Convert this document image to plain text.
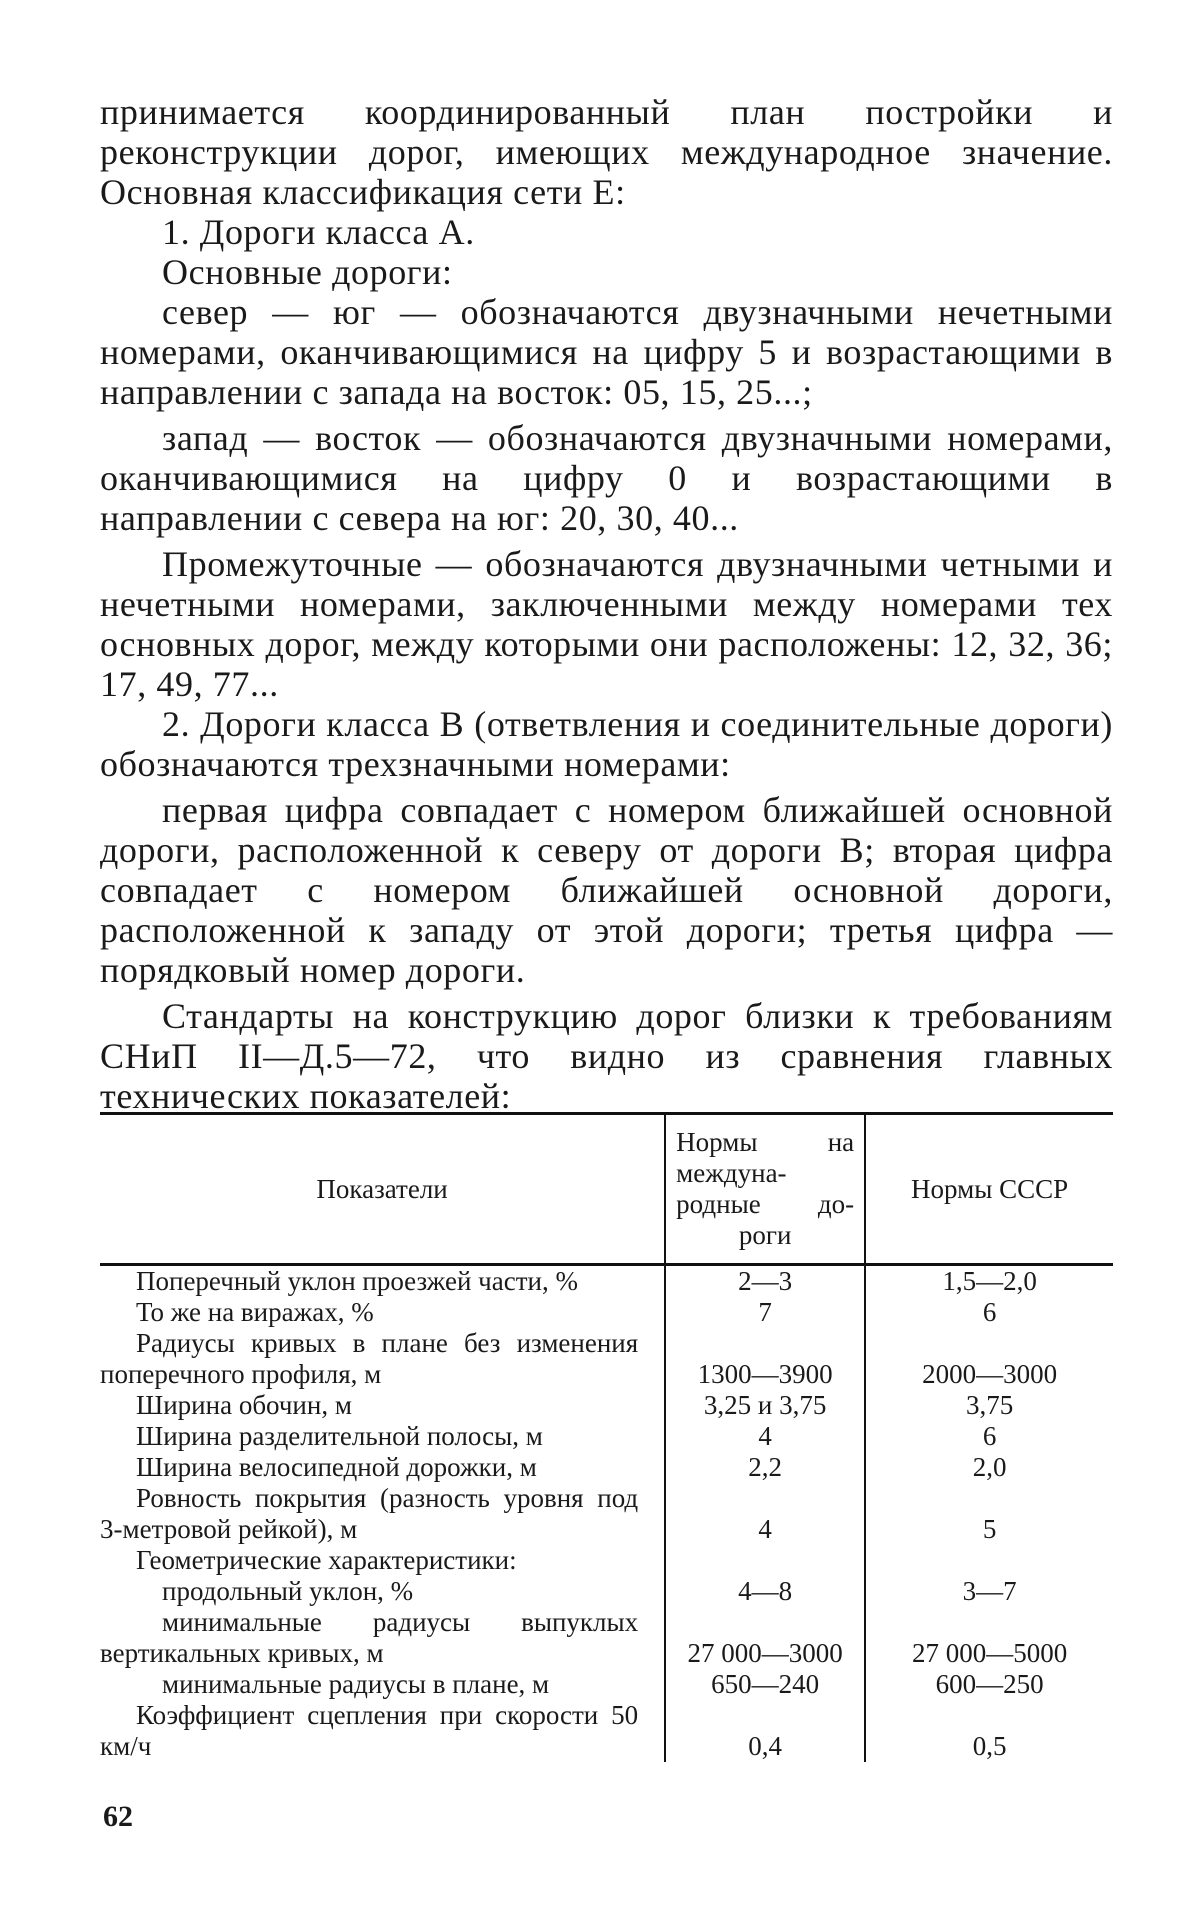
принимается координированный план постройки и реконструкции дорог, имеющих международное значение. Основная классификация сети Е:

1. Дороги класса А.

Основные дороги:

север — юг — обозначаются двузначными нечетными номерами, оканчивающимися на цифру 5 и возрастающими в направлении с запада на восток: 05, 15, 25...;

запад — восток — обозначаются двузначными номерами, оканчивающимися на цифру 0 и возрастающими в направлении с севера на юг: 20, 30, 40...

Промежуточные — обозначаются двузначными четными и нечетными номерами, заключенными между номерами тех основных дорог, между которыми они расположены: 12, 32, 36; 17, 49, 77...

2. Дороги класса В (ответвления и соединительные дороги) обозначаются трехзначными номерами:

первая цифра совпадает с номером ближайшей основной дороги, расположенной к северу от дороги В; вторая цифра совпадает с номером ближайшей основной дороги, расположенной к западу от этой дороги; третья цифра — порядковый номер дороги.

Стандарты на конструкцию дорог близки к требованиям СНиП II—Д.5—72, что видно из сравнения главных технических показателей:

Показатели	Нормы на междуна-родные до-роги	Нормы СССР
Поперечный уклон проезжей части, %	2—3	1,5—2,0
То же на виражах, %	7	6
Радиусы кривых в плане без изменения поперечного профиля, м	1300—3900	2000—3000
Ширина обочин, м	3,25 и 3,75	3,75
Ширина разделительной полосы, м	4	6
Ширина велосипедной дорожки, м	2,2	2,0
Ровность покрытия (разность уровня под 3-метровой рейкой), м	4	5
Геометрические характеристики:		
продольный уклон, %	4—8	3—7
минимальные радиусы выпуклых вертикальных кривых, м	27 000—3000	27 000—5000
минимальные радиусы в плане, м	650—240	600—250
Коэффициент сцепления при скорости 50 км/ч	0,4	0,5
62
